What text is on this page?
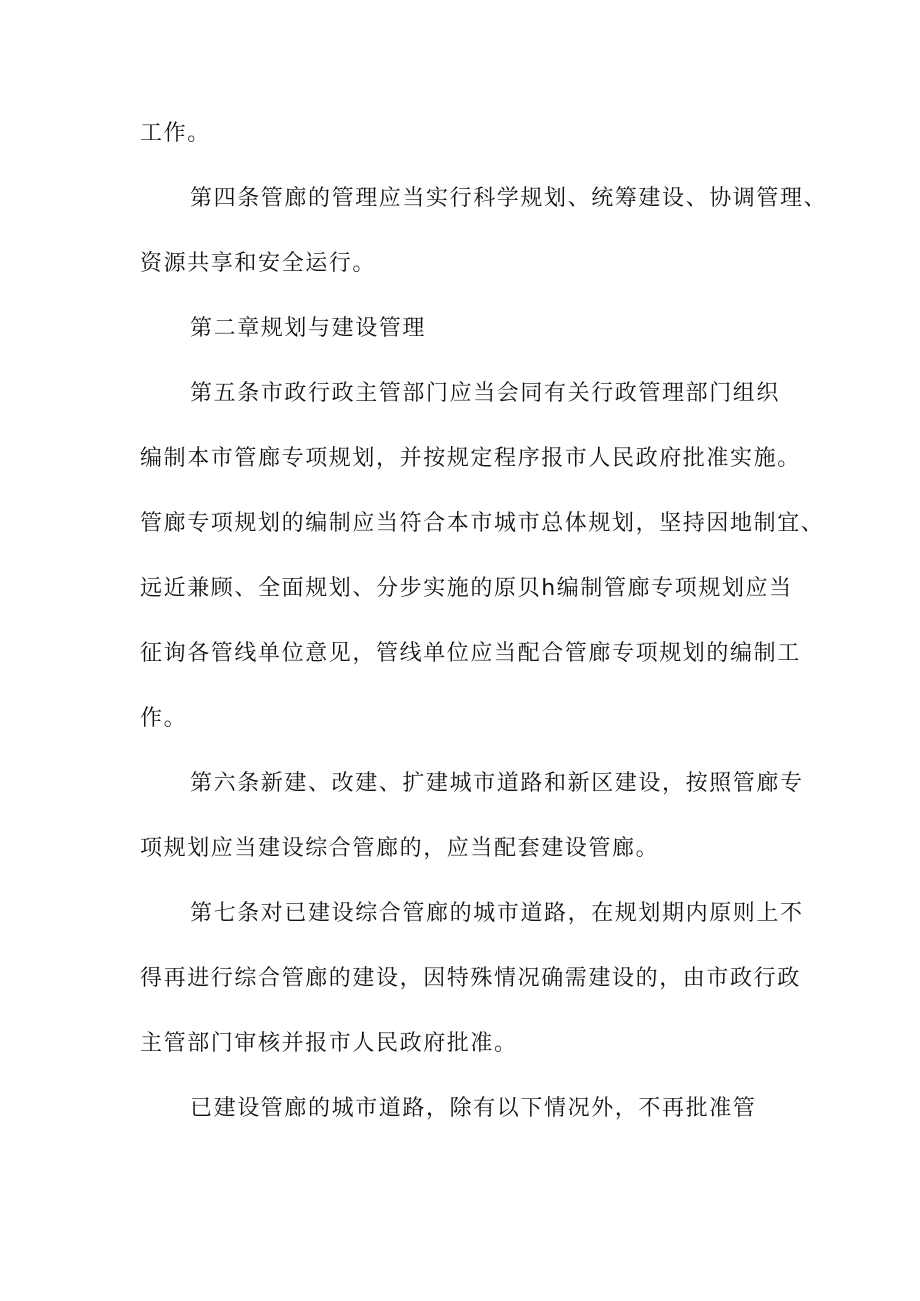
工作。
第四条管廊的管理应当实行科学规划、统筹建设、协调管理、
资源共享和安全运行。
第二章规划与建设管理
第五条市政行政主管部门应当会同有关行政管理部门组织
编制本市管廊专项规划，并按规定程序报市人民政府批准实施。
管廊专项规划的编制应当符合本市城市总体规划，坚持因地制宜、
远近兼顾、全面规划、分步实施的原贝h编制管廊专项规划应当
征询各管线单位意见，管线单位应当配合管廊专项规划的编制工
作。
第六条新建、改建、扩建城市道路和新区建设，按照管廊专
项规划应当建设综合管廊的，应当配套建设管廊。
第七条对已建设综合管廊的城市道路，在规划期内原则上不
得再进行综合管廊的建设，因特殊情况确需建设的，由市政行政
主管部门审核并报市人民政府批准。
已建设管廊的城市道路，除有以下情况外，不再批准管
